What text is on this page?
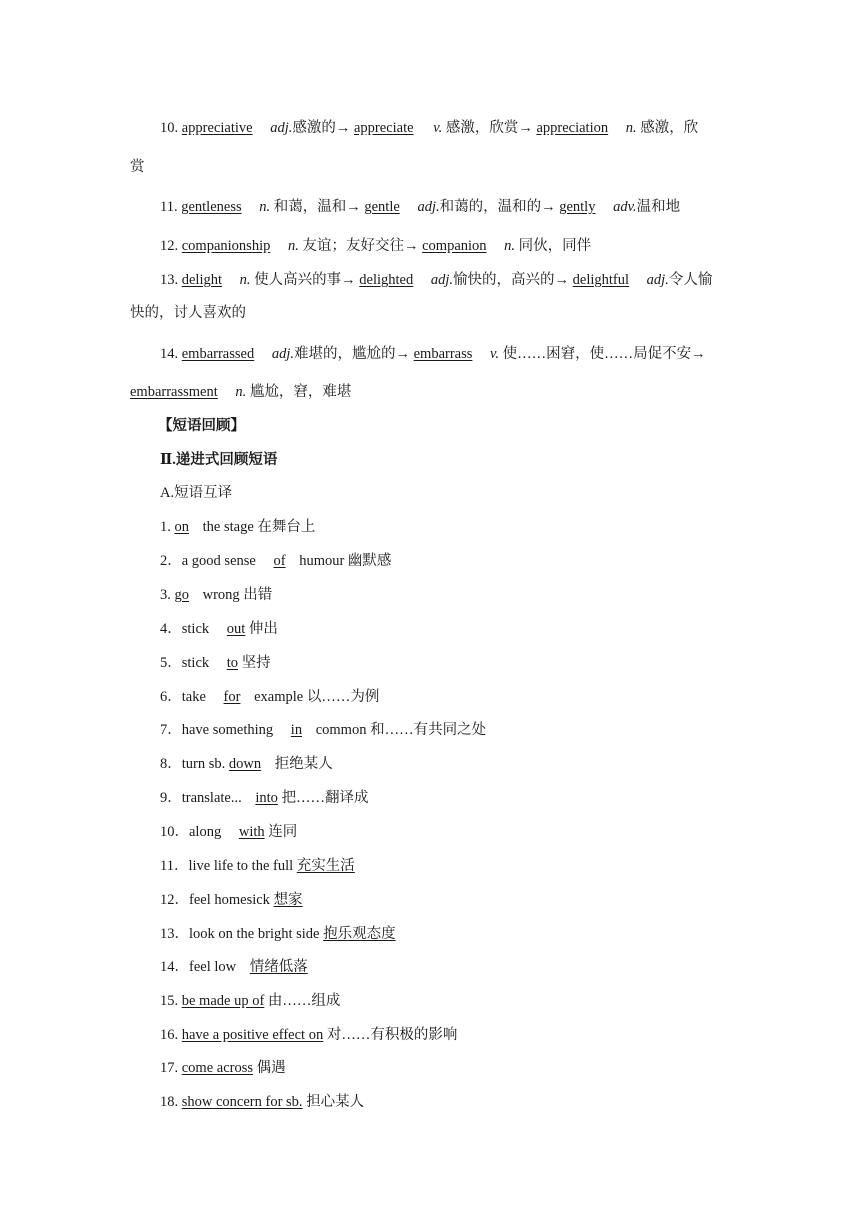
10. appreciative adj.感激的→ appreciate v. 感激，欣赏→ appreciation n. 感激，欣
赏
11. gentleness n. 和蔼，温和→ gentle adj.和蔼的，温和的→ gently adv.温和地
12. companionship n. 友谊；友好交往→ companion n. 同伙，同伴
13. delight n. 使人高兴的事→ delighted adj.愉快的，高兴的→ delightful adj.令人愉
快的，讨人喜欢的
14. embarrassed adj.难堪的，尴尬的→ embarrass v. 使……困窘，使……局促不安→
embarrassment n. 尴尬，窘，难堪
【短语回顾】
Ⅱ.递进式回顾短语
A.短语互译
1. on the stage 在舞台上
2．a good sense of humour 幽默感
3. go wrong 出错
4．stick out 伸出
5．stick to 坚持
6．take for example 以……为例
7．have something in common 和……有共同之处
8．turn sb. down 拒绝某人
9．translate... into 把……翻译成
10．along with 连同
11．live life to the full 充实生活
12．feel homesick 想家
13．look on the bright side 抱乐观态度
14．feel low 情绪低落
15. be made up of 由……组成
16. have a positive effect on 对……有积极的影响
17. come across 偶遇
18. show concern for sb. 担心某人
